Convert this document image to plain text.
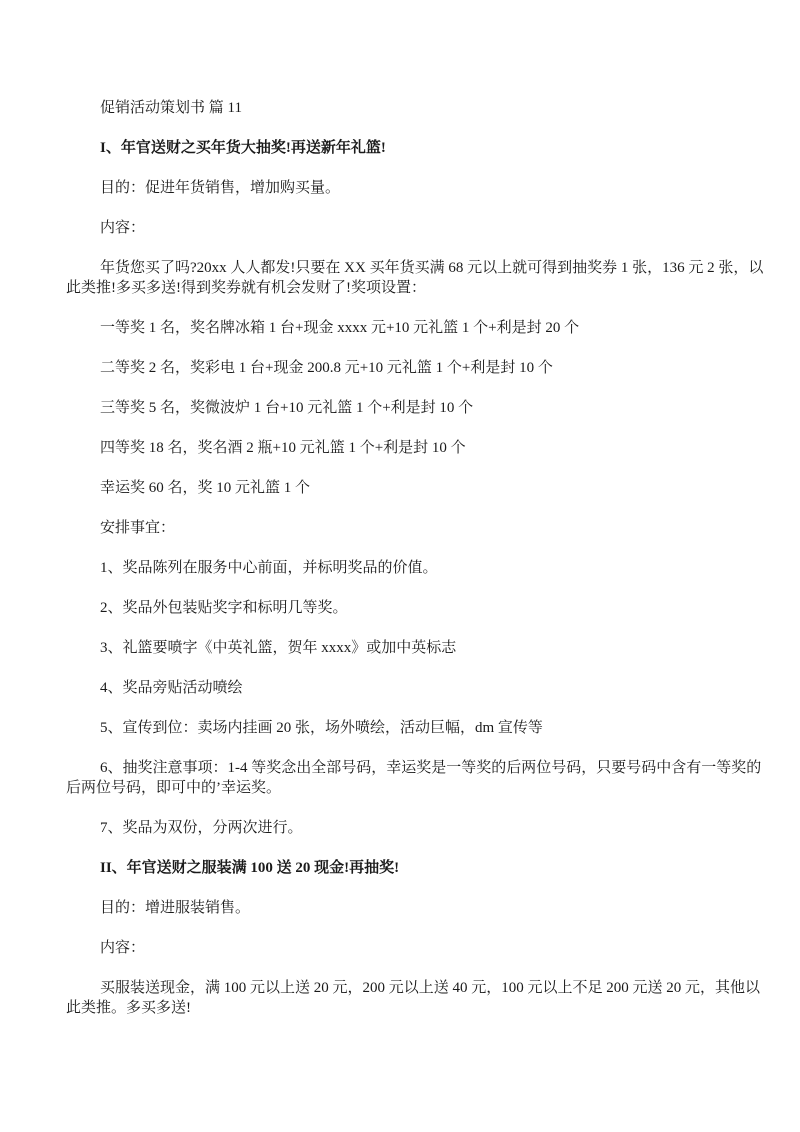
促销活动策划书 篇 11

I、年官送财之买年货大抽奖!再送新年礼篮!

目的：促进年货销售，增加购买量。

内容：

年货您买了吗?20xx 人人都发!只要在 XX 买年货买满 68 元以上就可得到抽奖券 1 张，136 元 2 张，以
此类推!多买多送!得到奖券就有机会发财了!奖项设置：

一等奖 1 名，奖名牌冰箱 1 台+现金 xxxx 元+10 元礼篮 1 个+利是封 20 个

二等奖 2 名，奖彩电 1 台+现金 200.8 元+10 元礼篮 1 个+利是封 10 个

三等奖 5 名，奖微波炉 1 台+10 元礼篮 1 个+利是封 10 个

四等奖 18 名，奖名酒 2 瓶+10 元礼篮 1 个+利是封 10 个

幸运奖 60 名，奖 10 元礼篮 1 个

安排事宜：

1、奖品陈列在服务中心前面，并标明奖品的价值。

2、奖品外包装贴奖字和标明几等奖。

3、礼篮要喷字《中英礼篮，贺年 xxxx》或加中英标志

4、奖品旁贴活动喷绘

5、宣传到位：卖场内挂画 20 张，场外喷绘，活动巨幅，dm 宣传等

6、抽奖注意事项：1-4 等奖念出全部号码，幸运奖是一等奖的后两位号码，只要号码中含有一等奖的
后两位号码，即可中的’幸运奖。

7、奖品为双份，分两次进行。

II、年官送财之服装满 100 送 20 现金!再抽奖!

目的：增进服装销售。

内容：

买服装送现金，满 100 元以上送 20 元，200 元以上送 40 元，100 元以上不足 200 元送 20 元，其他以
此类推。多买多送!
